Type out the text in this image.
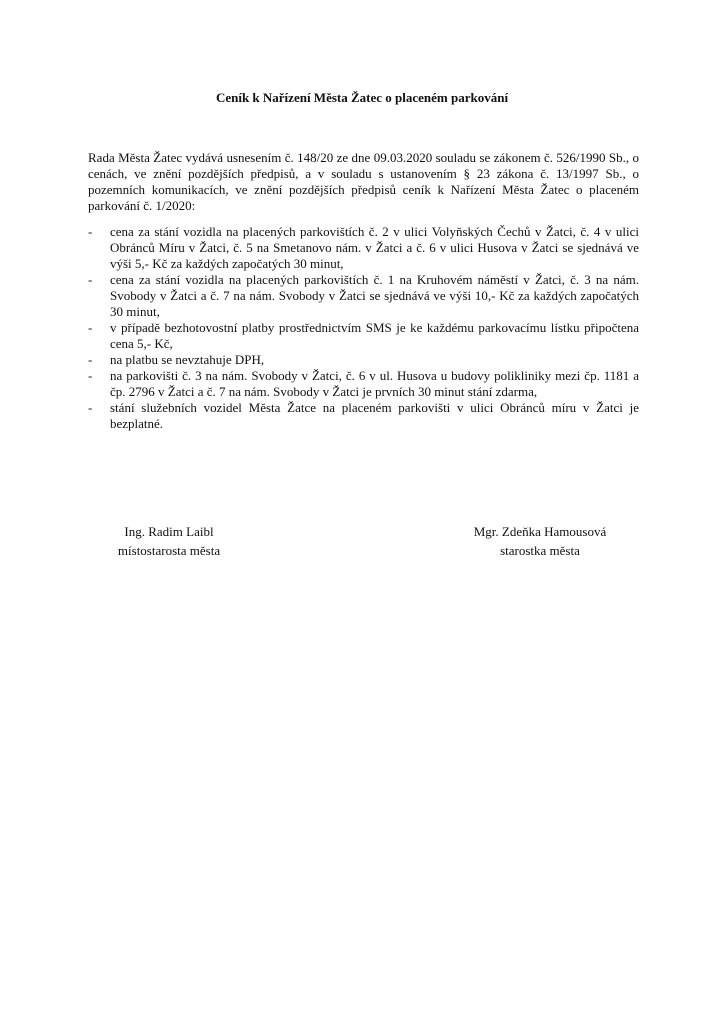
Ceník k Nařízení Města Žatec o placeném parkování
Rada Města Žatec vydává usnesením č. 148/20 ze dne 09.03.2020 souladu se zákonem č. 526/1990 Sb., o cenách, ve znění pozdějších předpisů, a v souladu s ustanovením § 23 zákona č. 13/1997 Sb., o pozemních komunikacích, ve znění pozdějších předpisů ceník k Nařízení Města Žatec o placeném parkování č. 1/2020:
- cena za stání vozidla na placených parkovištích č. 2 v ulici Volyňských Čechů v Žatci, č. 4 v ulici Obránců Míru v Žatci, č. 5 na Smetanovo nám. v Žatci a č. 6 v ulici Husova v Žatci se sjednává ve výši 5,- Kč za každých započatých 30 minut,
- cena za stání vozidla na placených parkovištích č. 1 na Kruhovém náměstí v Žatci, č. 3 na nám. Svobody v Žatci a č. 7 na nám. Svobody v Žatci se sjednává ve výši 10,- Kč za každých započatých 30 minut,
- v případě bezhotovostní platby prostřednictvím SMS je ke každému parkovacímu lístku připočtena cena 5,- Kč,
- na platbu se nevztahuje DPH,
- na parkovišti č. 3 na nám. Svobody v Žatci, č. 6 v ul. Husova u budovy polikliniky mezi čp. 1181 a čp. 2796 v Žatci a č. 7 na nám. Svobody v Žatci je prvních 30 minut stání zdarma,
- stání služebních vozidel Města Žatce na placeném parkovišti v ulici Obránců míru v Žatci je bezplatné.
Ing. Radim Laibl
místostarosta města
Mgr. Zdeňka Hamousová
starostka města
